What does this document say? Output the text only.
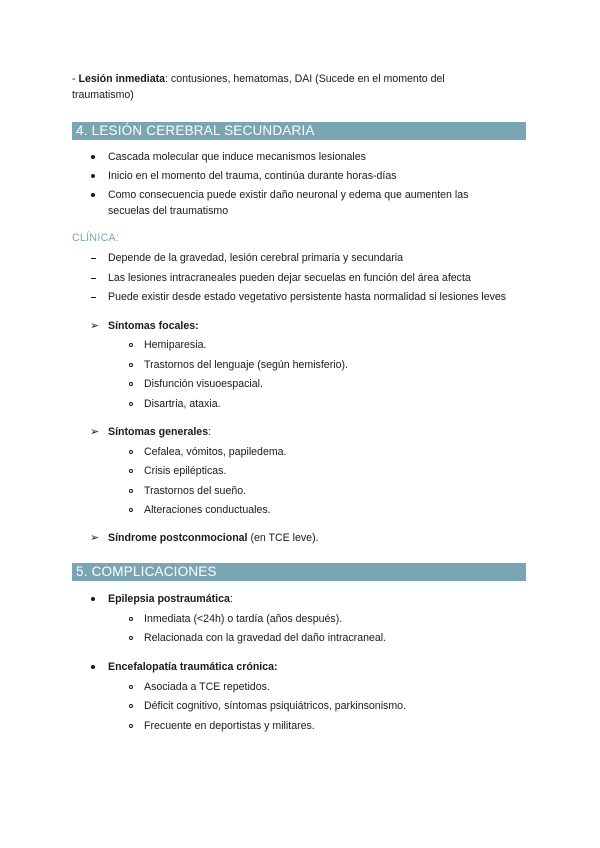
- Lesión inmediata: contusiones, hematomas, DAI (Sucede en el momento del
traumatismo)
4. LESIÓN CEREBRAL SECUNDARIA
Cascada molecular que induce mecanismos lesionales
Inicio en el momento del trauma, continúa durante horas-días
Como consecuencia puede existir daño neuronal y edema que aumenten las
secuelas del traumatismo
CLÍNICA:
Depende de la gravedad, lesión cerebral primaria y secundaria
Las lesiones intracraneales pueden dejar secuelas en función del área afecta
Puede existir desde estado vegetativo persistente hasta normalidad si lesiones leves
➢ Síntomas focales:
Hemiparesia.
Trastornos del lenguaje (según hemisferio).
Disfunción visuoespacial.
Disartria, ataxia.
➢ Síntomas generales:
Cefalea, vómitos, papiledema.
Crisis epilépticas.
Trastornos del sueño.
Alteraciones conductuales.
➢ Síndrome postconmocional (en TCE leve).
5. COMPLICACIONES
Epilepsia postraumática:
Inmediata (<24h) o tardía (años después).
Relacionada con la gravedad del daño intracraneal.
Encefalopatía traumática crónica:
Asociada a TCE repetidos.
Déficit cognitivo, síntomas psiquiátricos, parkinsonismo.
Frecuente en deportistas y militares.
